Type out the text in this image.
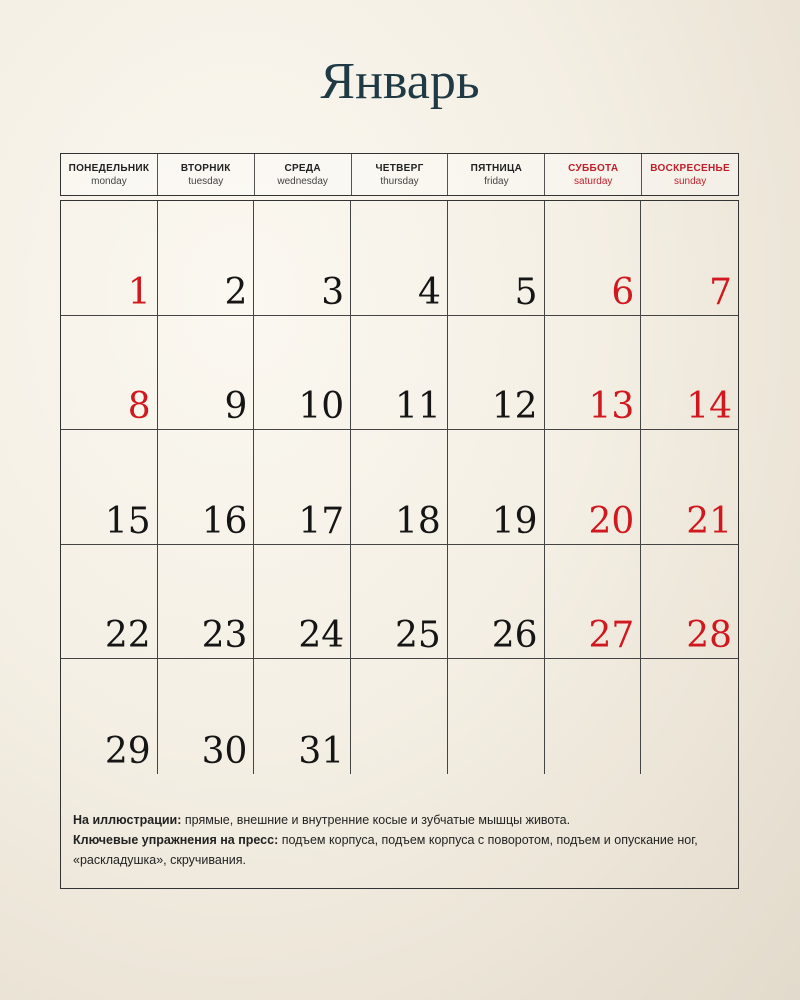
Январь
ПОНЕДЕЛЬНИК
monday
ВТОРНИК
tuesday
СРЕДА
wednesday
ЧЕТВЕРГ
thursday
ПЯТНИЦА
friday
СУББОТА
saturday
ВОСКРЕСЕНЬЕ
sunday
1 2 3 4 5 6 7
8 9 10 11 12 13 14
15 16 17 18 19 20 21
22 23 24 25 26 27 28
29 30 31
На иллюстрации: прямые, внешние и внутренние косые и зубчатые мышцы живота.
Ключевые упражнения на пресс: подъем корпуса, подъем корпуса с поворотом, подъем и опускание ног, «раскладушка», скручивания.
